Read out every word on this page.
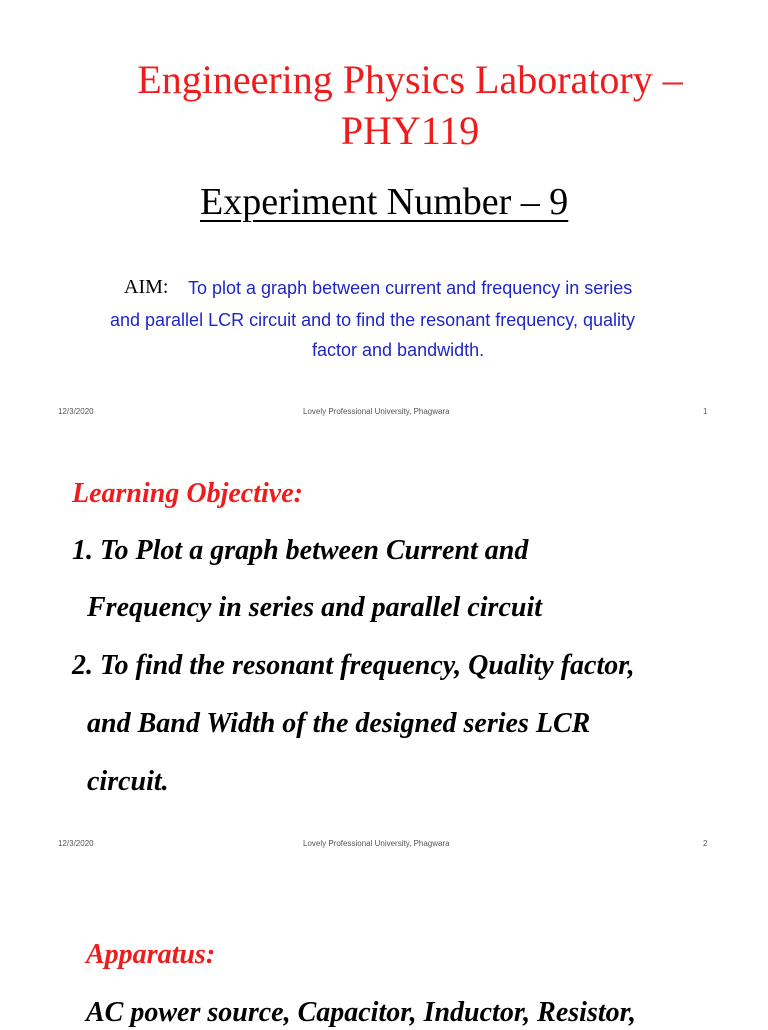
Engineering Physics Laboratory –
PHY119
Experiment Number – 9
AIM: To plot a graph between current and frequency in series
and parallel LCR circuit and to find the resonant frequency, quality
factor and bandwidth.
12/3/2020	Lovely Professional University, Phagwara	1
Learning Objective:
1. To Plot a graph between Current and
Frequency in series and parallel circuit
2. To find the resonant frequency, Quality factor,
and Band Width of the designed series LCR
circuit.
12/3/2020	Lovely Professional University, Phagwara	2
Apparatus:
AC power source, Capacitor, Inductor, Resistor,
